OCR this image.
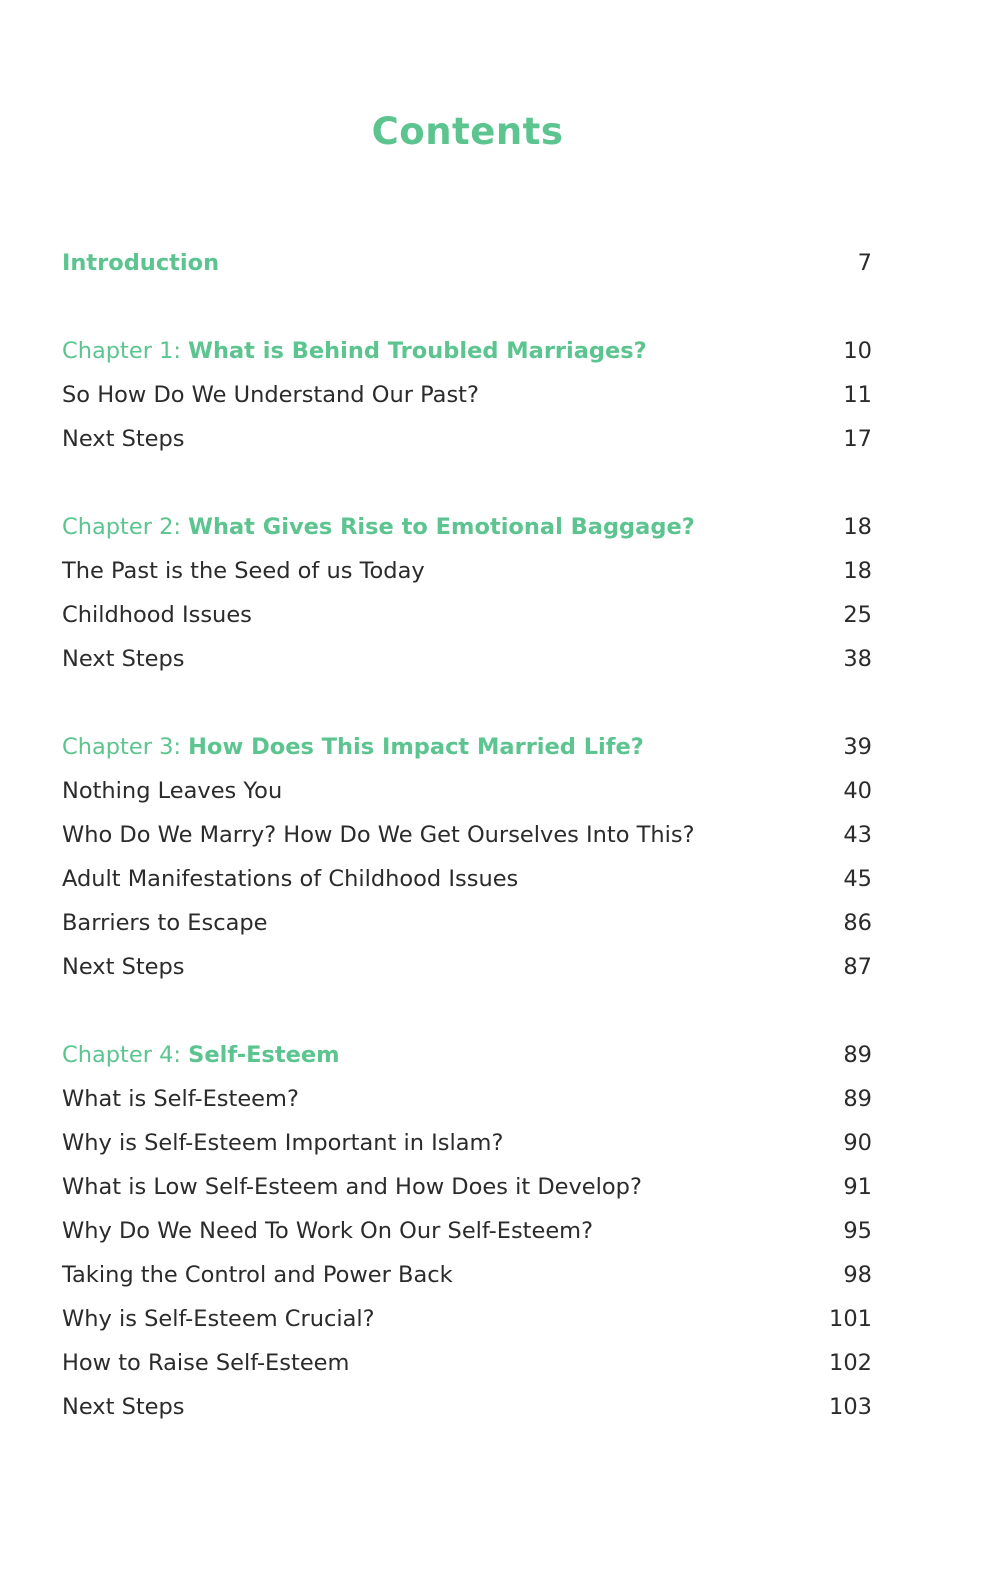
Contents
Introduction	7
Chapter 1: What is Behind Troubled Marriages?	10
So How Do We Understand Our Past?	11
Next Steps	17
Chapter 2: What Gives Rise to Emotional Baggage?	18
The Past is the Seed of us Today	18
Childhood Issues	25
Next Steps	38
Chapter 3: How Does This Impact Married Life?	39
Nothing Leaves You	40
Who Do We Marry? How Do We Get Ourselves Into This?	43
Adult Manifestations of Childhood Issues	45
Barriers to Escape	86
Next Steps	87
Chapter 4: Self-Esteem	89
What is Self-Esteem?	89
Why is Self-Esteem Important in Islam?	90
What is Low Self-Esteem and How Does it Develop?	91
Why Do We Need To Work On Our Self-Esteem?	95
Taking the Control and Power Back	98
Why is Self-Esteem Crucial?	101
How to Raise Self-Esteem	102
Next Steps	103
